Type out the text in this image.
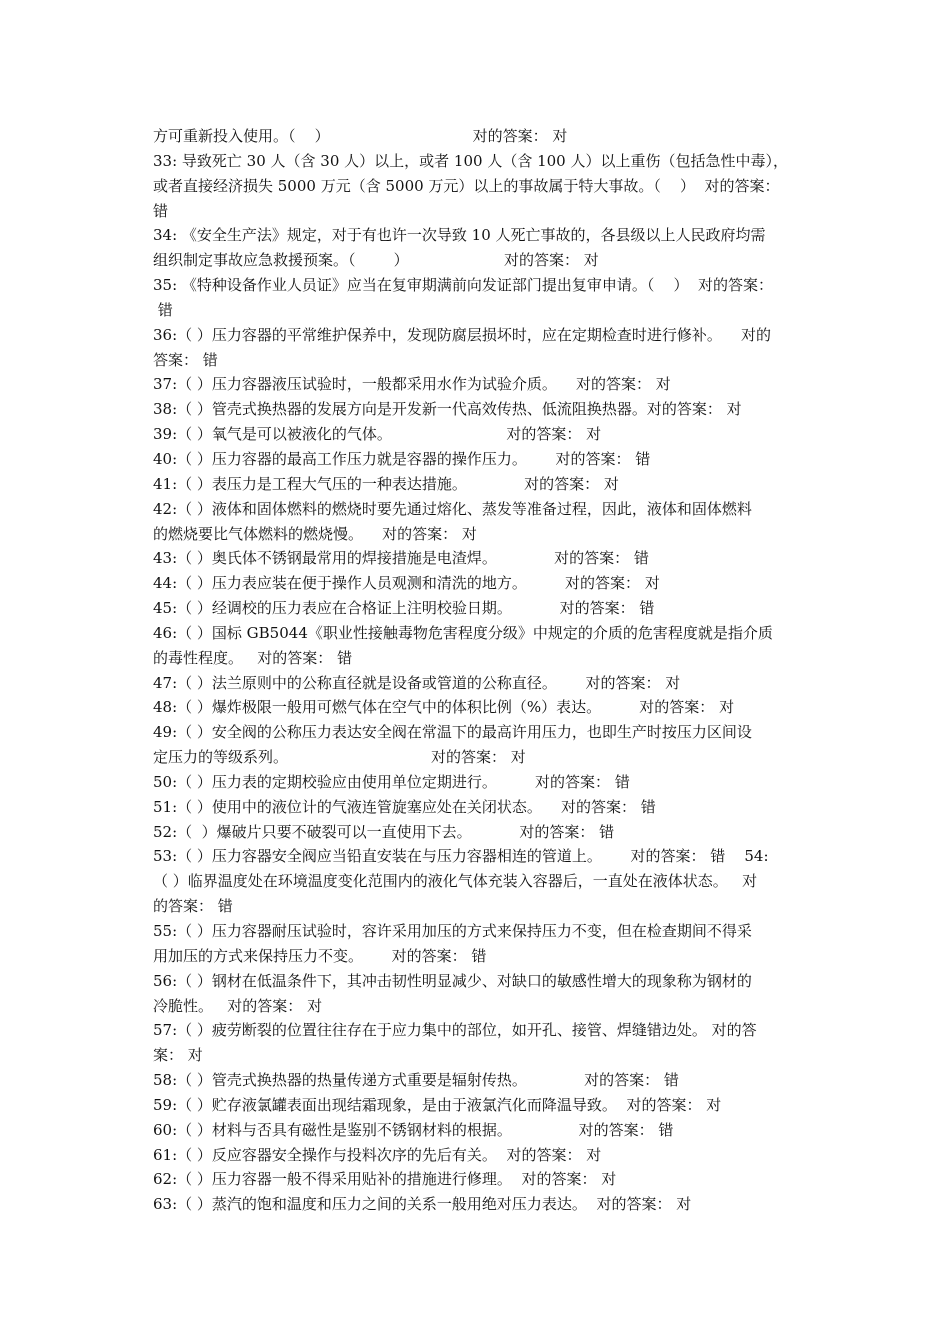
方可重新投入使用。（    ）                              对的答案： 对
33: 导致死亡 30 人（含 30 人）以上，或者 100 人（含 100 人）以上重伤（包括急性中毒），
或者直接经济损失 5000 万元（含 5000 万元）以上的事故属于特大事故。（    ）  对的答案：
错
34: 《安全生产法》规定，对于有也许一次导致 10 人死亡事故的，各县级以上人民政府均需
组织制定事故应急救援预案。（        ）                    对的答案： 对
35: 《特种设备作业人员证》应当在复审期满前向发证部门提出复审申请。（    ）  对的答案：
错
36:（ ）压力容器的平常维护保养中，发现防腐层损坏时，应在定期检查时进行修补。    对的
答案： 错
37:（ ）压力容器液压试验时，一般都采用水作为试验介质。    对的答案： 对
38:（ ）管壳式换热器的发展方向是开发新一代高效传热、低流阻换热器。对的答案： 对
39:（ ）氧气是可以被液化的气体。                        对的答案： 对
40:（ ）压力容器的最高工作压力就是容器的操作压力。      对的答案： 错
41:（ ）表压力是工程大气压的一种表达措施。            对的答案： 对
42:（ ）液体和固体燃料的燃烧时要先通过熔化、蒸发等准备过程，因此，液体和固体燃料
的燃烧要比气体燃料的燃烧慢。    对的答案： 对
43:（ ）奥氏体不锈钢最常用的焊接措施是电渣焊。            对的答案： 错
44:（ ）压力表应装在便于操作人员观测和清洗的地方。        对的答案： 对
45:（ ）经调校的压力表应在合格证上注明校验日期。          对的答案： 错
46:（ ）国标 GB5044《职业性接触毒物危害程度分级》中规定的介质的危害程度就是指介质
的毒性程度。   对的答案： 错
47:（ ）法兰原则中的公称直径就是设备或管道的公称直径。      对的答案： 对
48:（ ）爆炸极限一般用可燃气体在空气中的体积比例（%）表达。        对的答案： 对
49:（ ）安全阀的公称压力表达安全阀在常温下的最高许用压力，也即生产时按压力区间设
定压力的等级系列。                              对的答案： 对
50:（ ）压力表的定期校验应由使用单位定期进行。        对的答案： 错
51:（ ）使用中的液位计的气液连管旋塞应处在关闭状态。    对的答案： 错
52:（  ）爆破片只要不破裂可以一直使用下去。          对的答案： 错
53:（ ）压力容器安全阀应当铅直安装在与压力容器相连的管道上。      对的答案： 错    54:
（ ）临界温度处在环境温度变化范围内的液化气体充装入容器后，一直处在液体状态。   对
的答案： 错
55:（ ）压力容器耐压试验时，容许采用加压的方式来保持压力不变，但在检查期间不得采
用加压的方式来保持压力不变。      对的答案： 错
56:（ ）钢材在低温条件下，其冲击韧性明显减少、对缺口的敏感性增大的现象称为钢材的
冷脆性。   对的答案： 对
57:（ ）疲劳断裂的位置往往存在于应力集中的部位，如开孔、接管、焊缝错边处。 对的答
案： 对
58:（ ）管壳式换热器的热量传递方式重要是辐射传热。            对的答案： 错
59:（ ）贮存液氯罐表面出现结霜现象，是由于液氯汽化而降温导致。  对的答案： 对
60:（ ）材料与否具有磁性是鉴别不锈钢材料的根据。              对的答案： 错
61:（ ）反应容器安全操作与投料次序的先后有关。  对的答案： 对
62:（ ）压力容器一般不得采用贴补的措施进行修理。  对的答案： 对
63:（ ）蒸汽的饱和温度和压力之间的关系一般用绝对压力表达。  对的答案： 对
